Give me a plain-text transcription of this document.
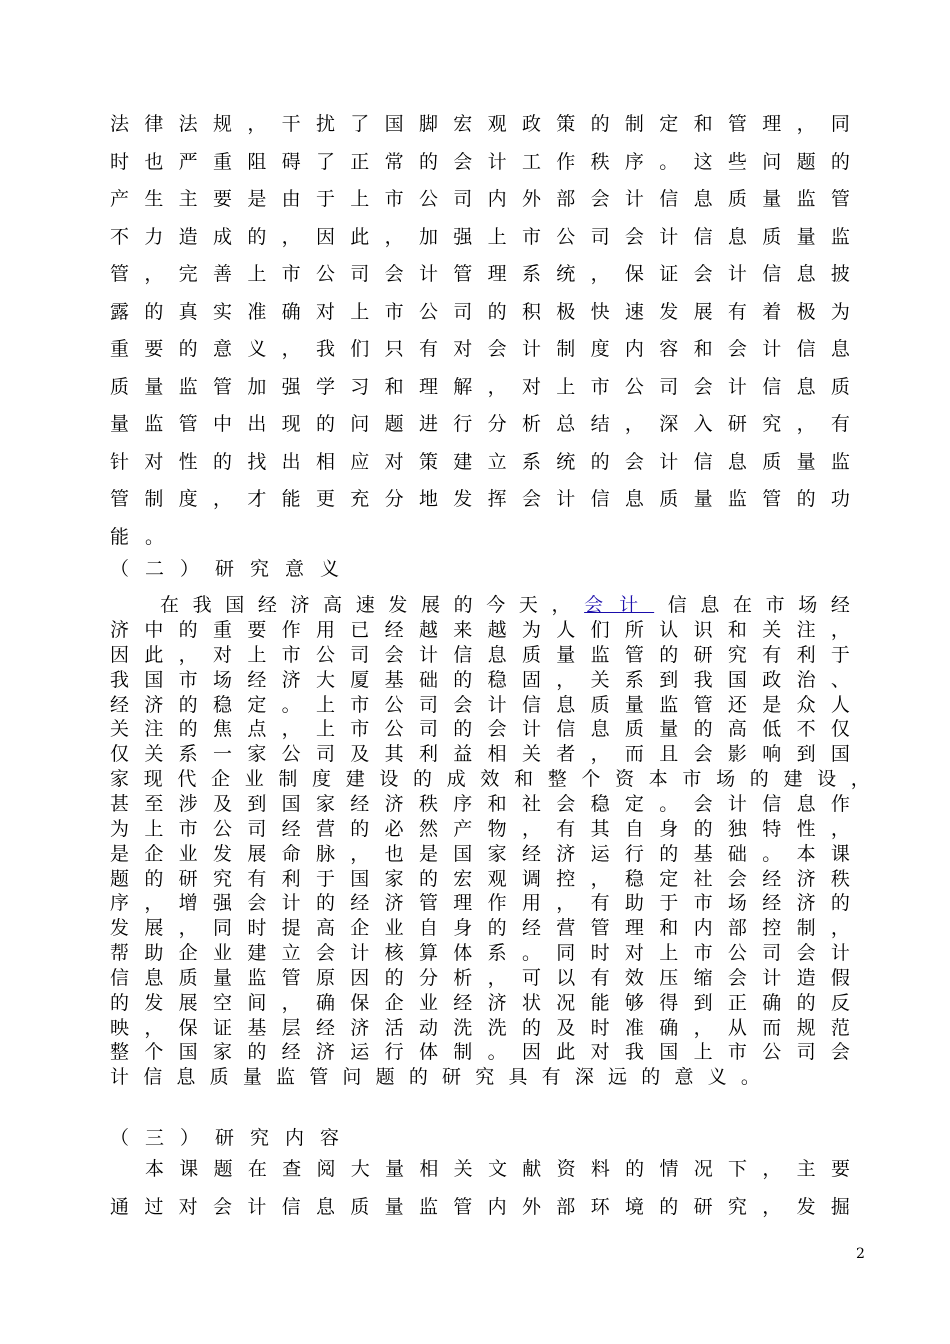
法 律 法 规 ， 干 扰 了 国 脚 宏 观 政 策 的 制 定 和 管 理 ， 同
时 也 严 重 阻 碍 了 正 常 的 会 计 工 作 秩 序 。 这 些 问 题 的
产 生 主 要 是 由 于 上 市 公 司 内 外 部 会 计 信 息 质 量 监 管
不 力 造 成 的 ， 因 此 ， 加 强 上 市 公 司 会 计 信 息 质 量 监
管 ， 完 善 上 市 公 司 会 计 管 理 系 统 ， 保 证 会 计 信 息 披
露 的 真 实 准 确 对 上 市 公 司 的 积 极 快 速 发 展 有 着 极 为
重 要 的 意 义 ， 我 们 只 有 对 会 计 制 度 内 容 和 会 计 信 息
质 量 监 管 加 强 学 习 和 理 解 ， 对 上 市 公 司 会 计 信 息 质
量 监 管 中 出 现 的 问 题 进 行 分 析 总 结 ， 深 入 研 究 ， 有
针 对 性 的 找 出 相 应 对 策 建 立 系 统 的 会 计 信 息 质 量 监
管 制 度 ， 才 能 更 充 分 地 发 挥 会 计 信 息 质 量 监 管 的 功
能。
（二）研究意义
在 我 国 经 济 高 速 发 展 的 今 天 ， 会计 信 息 在 市 场 经
济 中 的 重 要 作 用 已 经 越 来 越 为 人 们 所 认 识 和 关 注 ，
因 此 ， 对 上 市 公 司 会 计 信 息 质 量 监 管 的 研 究 有 利 于
我 国 市 场 经 济 大 厦 基 础 的 稳 固 ， 关 系 到 我 国 政 治 、
经 济 的 稳 定 。 上 市 公 司 会 计 信 息 质 量 监 管 还 是 众 人
关 注 的 焦 点 ， 上 市 公 司 的 会 计 信 息 质 量 的 高 低 不 仅
仅 关 系 一 家 公 司 及 其 利 益 相 关 者 ， 而 且 会 影 响 到 国
家 现 代 企 业 制 度 建 设 的 成 效 和 整 个 资 本 市 场 的 建 设 ，
甚 至 涉 及 到 国 家 经 济 秩 序 和 社 会 稳 定 。 会 计 信 息 作
为 上 市 公 司 经 营 的 必 然 产 物 ， 有 其 自 身 的 独 特 性 ，
是 企 业 发 展 命 脉 ， 也 是 国 家 经 济 运 行 的 基 础 。 本 课
题 的 研 究 有 利 于 国 家 的 宏 观 调 控 ， 稳 定 社 会 经 济 秩
序 ， 增 强 会 计 的 经 济 管 理 作 用 ， 有 助 于 市 场 经 济 的
发 展 ， 同 时 提 高 企 业 自 身 的 经 营 管 理 和 内 部 控 制 ，
帮 助 企 业 建 立 会 计 核 算 体 系 。 同 时 对 上 市 公 司 会 计
信 息 质 量 监 管 原 因 的 分 析 ， 可 以 有 效 压 缩 会 计 造 假
的 发 展 空 间 ， 确 保 企 业 经 济 状 况 能 够 得 到 正 确 的 反
映 ， 保 证 基 层 经 济 活 动 洗 洗 的 及 时 准 确 ， 从 而 规 范
整 个 国 家 的 经 济 运 行 体 制 。 因 此 对 我 国 上 市 公 司 会
计 信 息 质 量 监 管 问 题 的 研 究 具 有 深 远 的 意 义 。
（三）研究内容
本 课 题 在 查 阅 大 量 相 关 文 献 资 料 的 情 况 下 ， 主 要
通 过 对 会 计 信 息 质 量 监 管 内 外 部 环 境 的 研 究 ， 发 掘
2
